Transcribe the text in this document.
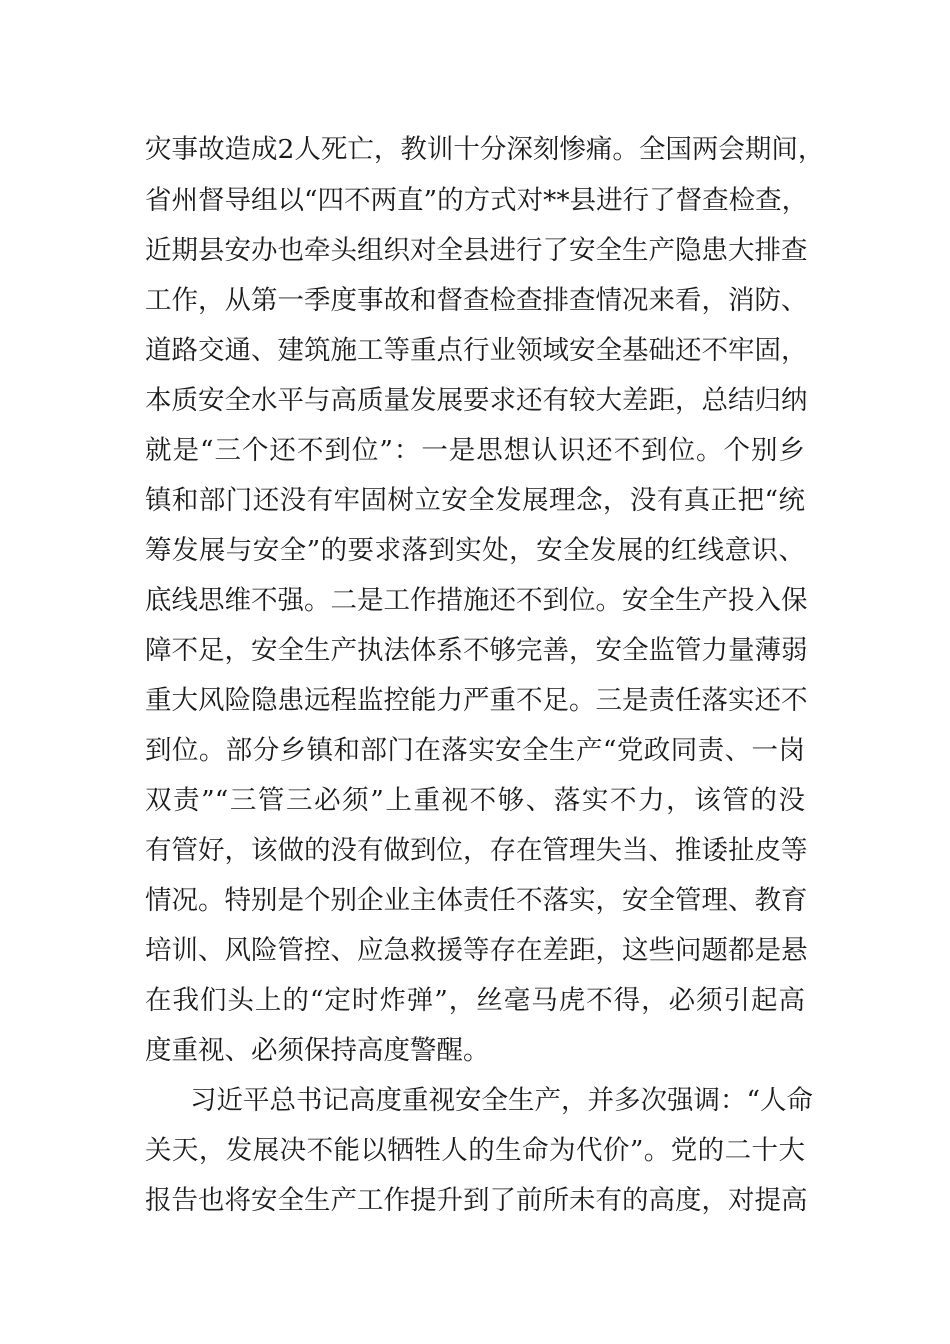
灾事故造成2人死亡，教训十分深刻惨痛。全国两会期间，
省州督导组以“四不两直”的方式对**县进行了督查检查，
近期县安办也牵头组织对全县进行了安全生产隐患大排查
工作，从第一季度事故和督查检查排查情况来看，消防、
道路交通、建筑施工等重点行业领域安全基础还不牢固，
本质安全水平与高质量发展要求还有较大差距，总结归纳
就是“三个还不到位”：一是思想认识还不到位。个别乡
镇和部门还没有牢固树立安全发展理念，没有真正把“统
筹发展与安全”的要求落到实处，安全发展的红线意识、
底线思维不强。二是工作措施还不到位。安全生产投入保
障不足，安全生产执法体系不够完善，安全监管力量薄弱
重大风险隐患远程监控能力严重不足。三是责任落实还不
到位。部分乡镇和部门在落实安全生产“党政同责、一岗
双责”“三管三必须”上重视不够、落实不力，该管的没
有管好，该做的没有做到位，存在管理失当、推诿扯皮等
情况。特别是个别企业主体责任不落实，安全管理、教育
培训、风险管控、应急救援等存在差距，这些问题都是悬
在我们头上的“定时炸弹”，丝毫马虎不得，必须引起高
度重视、必须保持高度警醒。
习近平总书记高度重视安全生产，并多次强调：“人命
关天，发展决不能以牺牲人的生命为代价”。党的二十大
报告也将安全生产工作提升到了前所未有的高度，对提高
